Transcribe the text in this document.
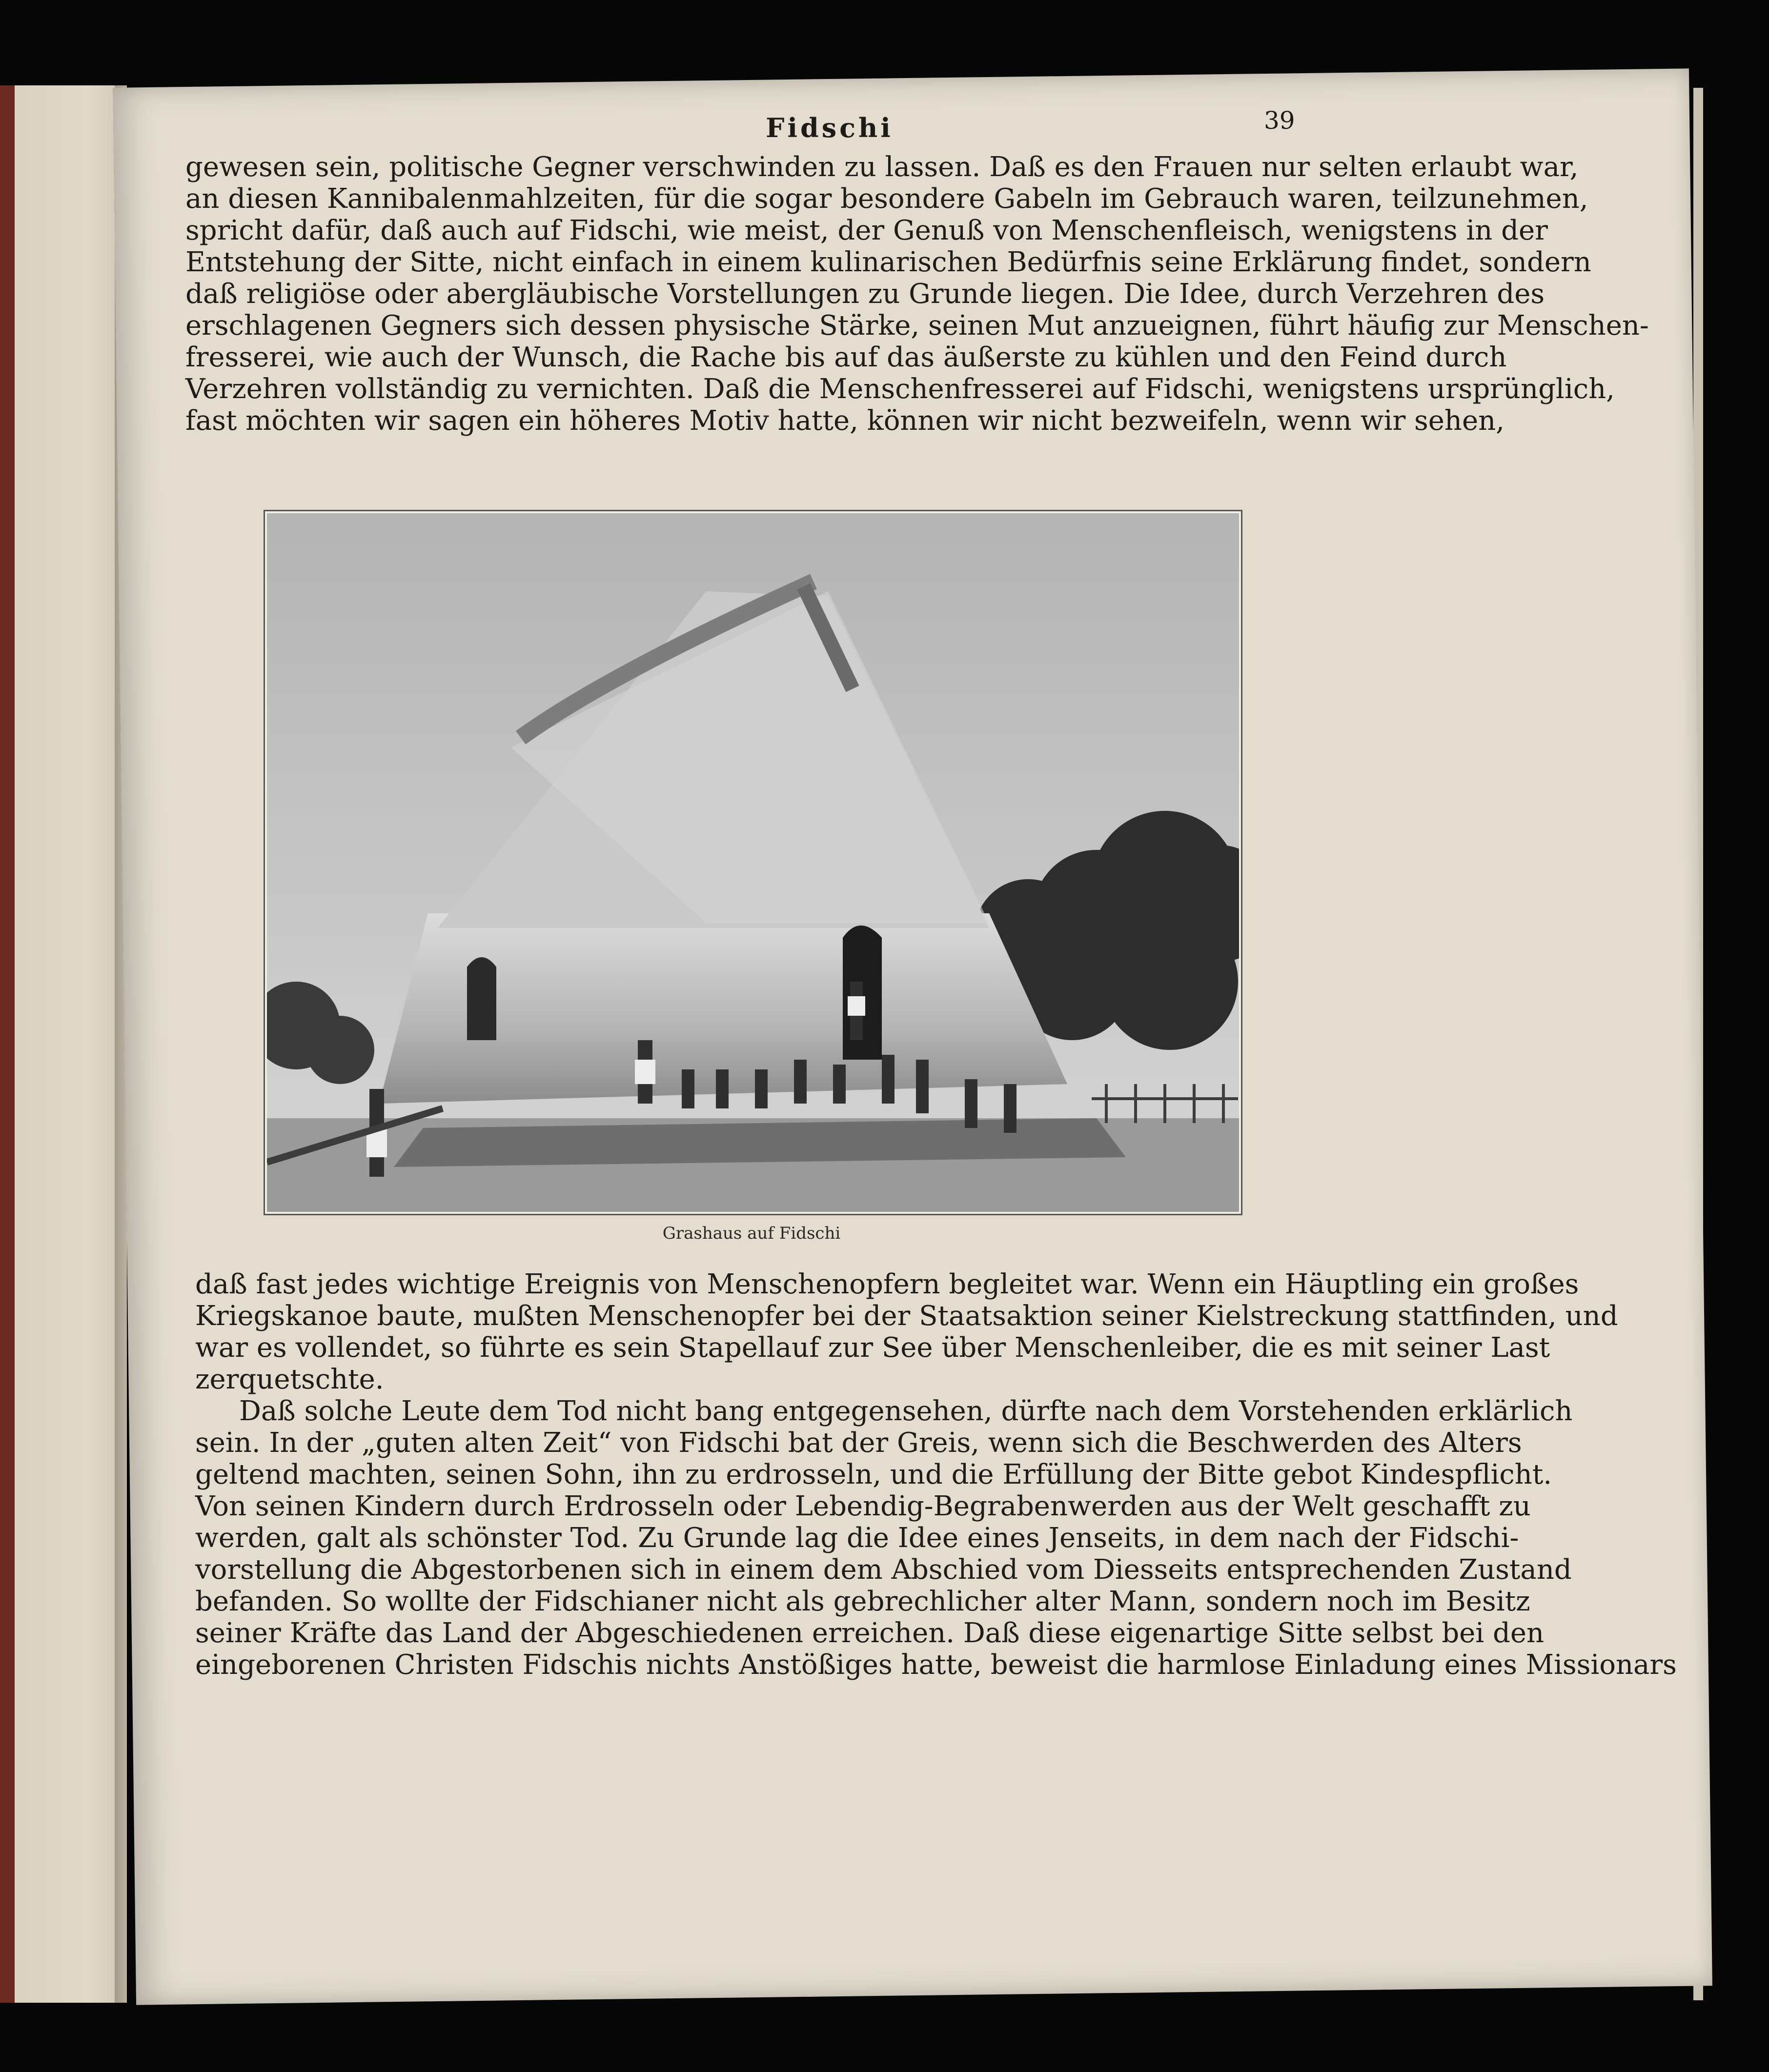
Fidschi	39
gewesen sein, politische Gegner verschwinden zu lassen. Daß es den Frauen nur selten erlaubt war,
an diesen Kannibalenmahlzeiten, für die sogar besondere Gabeln im Gebrauch waren, teilzunehmen,
spricht dafür, daß auch auf Fidschi, wie meist, der Genuß von Menschenfleisch, wenigstens in der
Entstehung der Sitte, nicht einfach in einem kulinarischen Bedürfnis seine Erklärung findet, sondern
daß religiöse oder abergläubische Vorstellungen zu Grunde liegen. Die Idee, durch Verzehren des
erschlagenen Gegners sich dessen physische Stärke, seinen Mut anzueignen, führt häufig zur Menschen-
fresserei, wie auch der Wunsch, die Rache bis auf das äußerste zu kühlen und den Feind durch
Verzehren vollständig zu vernichten. Daß die Menschenfresserei auf Fidschi, wenigstens ursprünglich,
fast möchten wir sagen ein höheres Motiv hatte, können wir nicht bezweifeln, wenn wir sehen,
Grashaus auf Fidschi
daß fast jedes wichtige Ereignis von Menschenopfern begleitet war. Wenn ein Häuptling ein großes
Kriegskanoe baute, mußten Menschenopfer bei der Staatsaktion seiner Kielstreckung stattfinden, und
war es vollendet, so führte es sein Stapellauf zur See über Menschenleiber, die es mit seiner Last
zerquetschte.
Daß solche Leute dem Tod nicht bang entgegensehen, dürfte nach dem Vorstehenden erklärlich
sein. In der „guten alten Zeit“ von Fidschi bat der Greis, wenn sich die Beschwerden des Alters
geltend machten, seinen Sohn, ihn zu erdrosseln, und die Erfüllung der Bitte gebot Kindespflicht.
Von seinen Kindern durch Erdrosseln oder Lebendig-Begrabenwerden aus der Welt geschafft zu
werden, galt als schönster Tod. Zu Grunde lag die Idee eines Jenseits, in dem nach der Fidschi-
vorstellung die Abgestorbenen sich in einem dem Abschied vom Diesseits entsprechenden Zustand
befanden. So wollte der Fidschianer nicht als gebrechlicher alter Mann, sondern noch im Besitz
seiner Kräfte das Land der Abgeschiedenen erreichen. Daß diese eigenartige Sitte selbst bei den
eingeborenen Christen Fidschis nichts Anstößiges hatte, beweist die harmlose Einladung eines Missionars
